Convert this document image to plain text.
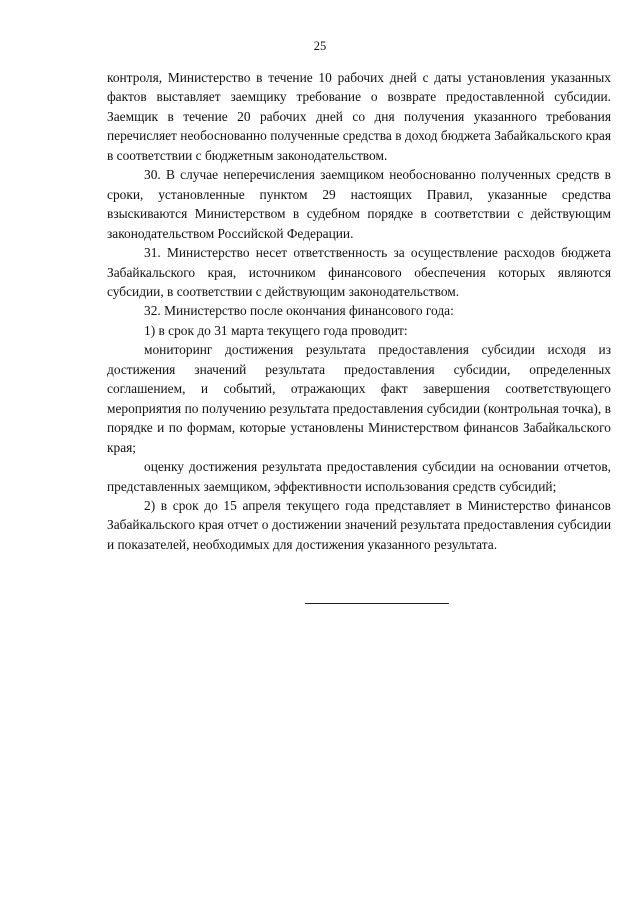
25

контроля, Министерство в течение 10 рабочих дней с даты установления указанных фактов выставляет заемщику требование о возврате предоставленной субсидии. Заемщик в течение 20 рабочих дней со дня получения указанного требования перечисляет необоснованно полученные средства в доход бюджета Забайкальского края в соответствии с бюджетным законодательством.

30. В случае неперечисления заемщиком необоснованно полученных средств в сроки, установленные пунктом 29 настоящих Правил, указанные средства взыскиваются Министерством в судебном порядке в соответствии с действующим законодательством Российской Федерации.

31. Министерство несет ответственность за осуществление расходов бюджета Забайкальского края, источником финансового обеспечения которых являются субсидии, в соответствии с действующим законодательством.

32. Министерство после окончания финансового года:

1) в срок до 31 марта текущего года проводит:

мониторинг достижения результата предоставления субсидии исходя из достижения значений результата предоставления субсидии, определенных соглашением, и событий, отражающих факт завершения соответствующего мероприятия по получению результата предоставления субсидии (контрольная точка), в порядке и по формам, которые установлены Министерством финансов Забайкальского края;

оценку достижения результата предоставления субсидии на основании отчетов, представленных заемщиком, эффективности использования средств субсидий;

2) в срок до 15 апреля текущего года представляет в Министерство финансов Забайкальского края отчет о достижении значений результата предоставления субсидии и показателей, необходимых для достижения указанного результата.
